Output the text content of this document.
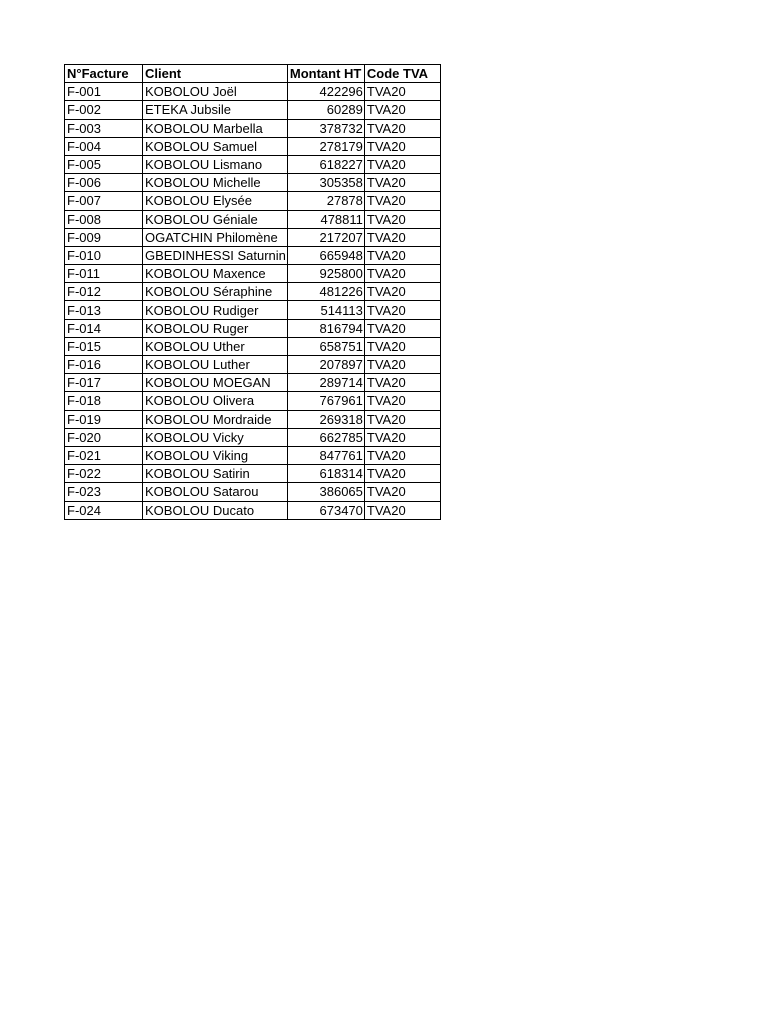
N°Facture	Client	Montant HT	Code TVA
F-001	KOBOLOU Joël	422296	TVA20
F-002	ETEKA Jubsile	60289	TVA20
F-003	KOBOLOU Marbella	378732	TVA20
F-004	KOBOLOU Samuel	278179	TVA20
F-005	KOBOLOU Lismano	618227	TVA20
F-006	KOBOLOU Michelle	305358	TVA20
F-007	KOBOLOU Elysée	27878	TVA20
F-008	KOBOLOU Géniale	478811	TVA20
F-009	OGATCHIN Philomène	217207	TVA20
F-010	GBEDINHESSI Saturnin	665948	TVA20
F-011	KOBOLOU Maxence	925800	TVA20
F-012	KOBOLOU Séraphine	481226	TVA20
F-013	KOBOLOU Rudiger	514113	TVA20
F-014	KOBOLOU Ruger	816794	TVA20
F-015	KOBOLOU Uther	658751	TVA20
F-016	KOBOLOU Luther	207897	TVA20
F-017	KOBOLOU MOEGAN	289714	TVA20
F-018	KOBOLOU Olivera	767961	TVA20
F-019	KOBOLOU Mordraide	269318	TVA20
F-020	KOBOLOU Vicky	662785	TVA20
F-021	KOBOLOU Viking	847761	TVA20
F-022	KOBOLOU Satirin	618314	TVA20
F-023	KOBOLOU Satarou	386065	TVA20
F-024	KOBOLOU Ducato	673470	TVA20
